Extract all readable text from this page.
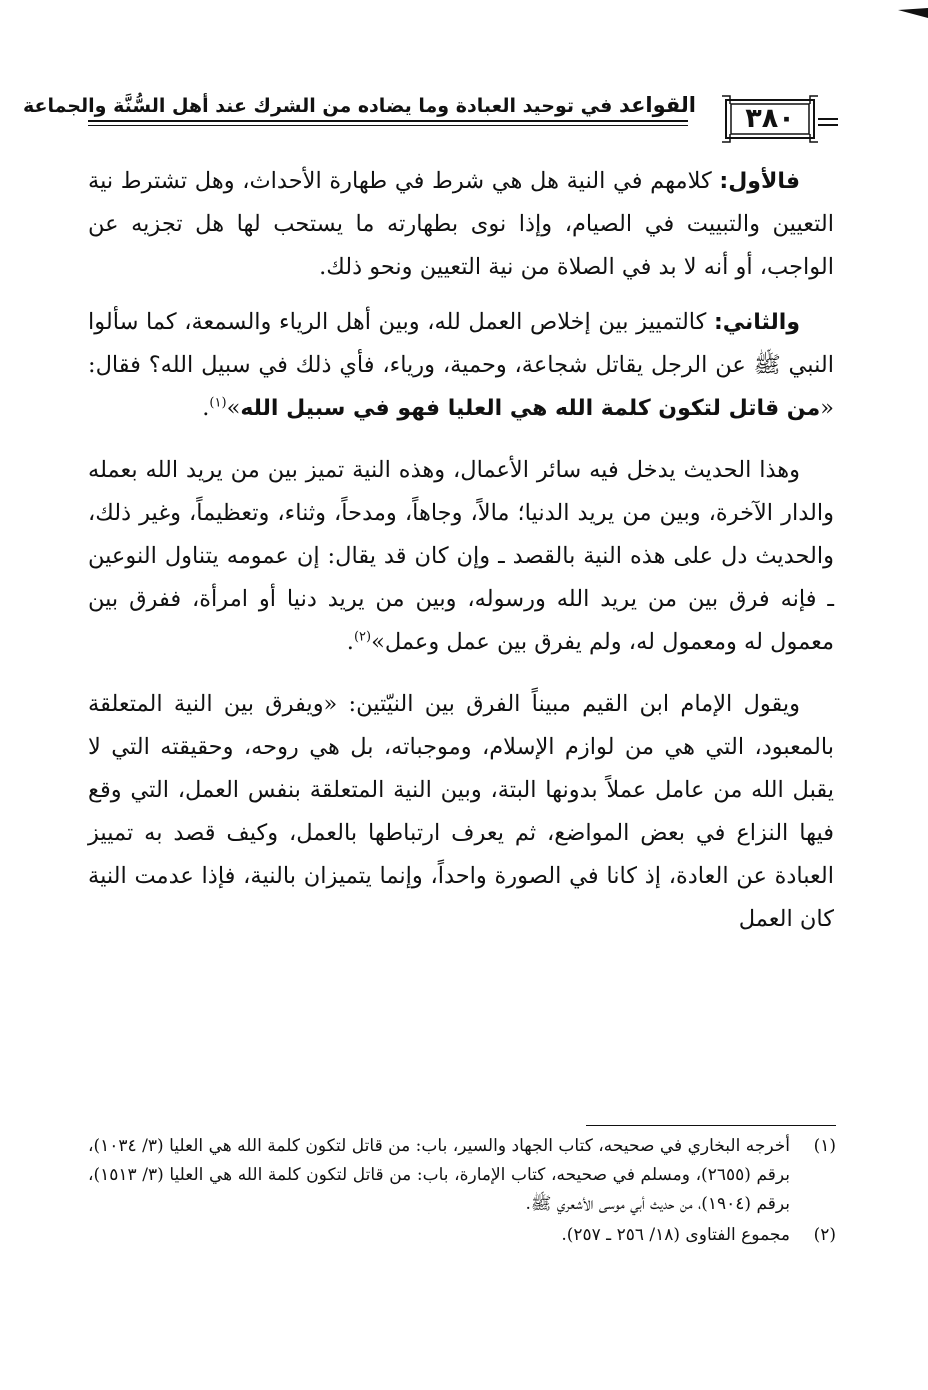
٣٨٠
القواعد في توحيد العبادة وما يضاده من الشرك عند أهل السُّنَّة والجماعة

فالأول: كلامهم في النية هل هي شرط في طهارة الأحداث، وهل تشترط نية التعيين والتبييت في الصيام، وإذا نوى بطهارته ما يستحب لها هل تجزيه عن الواجب، أو أنه لا بد في الصلاة من نية التعيين ونحو ذلك.

والثاني: كالتمييز بين إخلاص العمل لله، وبين أهل الرياء والسمعة، كما سألوا النبي ﷺ عن الرجل يقاتل شجاعة، وحمية، ورياء، فأي ذلك في سبيل الله؟ فقال: «من قاتل لتكون كلمة الله هي العليا فهو في سبيل الله»$^{(١)}$.

وهذا الحديث يدخل فيه سائر الأعمال، وهذه النية تميز بين من يريد الله بعمله والدار الآخرة، وبين من يريد الدنيا؛ مالاً، وجاهاً، ومدحاً، وثناء، وتعظيماً، وغير ذلك، والحديث دل على هذه النية بالقصد ـ وإن كان قد يقال: إن عمومه يتناول النوعين ـ فإنه فرق بين من يريد الله ورسوله، وبين من يريد دنيا أو امرأة، ففرق بين معمول له ومعمول له، ولم يفرق بين عمل وعمل»$^{(٢)}$.

ويقول الإمام ابن القيم مبيناً الفرق بين النيّتين: «ويفرق بين النية المتعلقة بالمعبود، التي هي من لوازم الإسلام، وموجباته، بل هي روحه، وحقيقته التي لا يقبل الله من عامل عملاً بدونها البتة، وبين النية المتعلقة بنفس العمل، التي وقع فيها النزاع في بعض المواضع، ثم يعرف ارتباطها بالعمل، وكيف قصد به تمييز العبادة عن العادة، إذ كانا في الصورة واحداً، وإنما يتميزان بالنية، فإذا عدمت النية كان العمل

(١)
أخرجه البخاري في صحيحه، كتاب الجهاد والسير، باب: من قاتل لتكون كلمة الله هي العليا (٣/ ١٠٣٤)، برقم (٢٦٥٥)، ومسلم في صحيحه، كتاب الإمارة، باب: من قاتل لتكون كلمة الله هي العليا (٣/ ١٥١٣)، برقم (١٩٠٤)، من حديث أبي موسى الأشعري ﷺ.
(٢)
مجموع الفتاوى (١٨/ ٢٥٦ ـ ٢٥٧).
